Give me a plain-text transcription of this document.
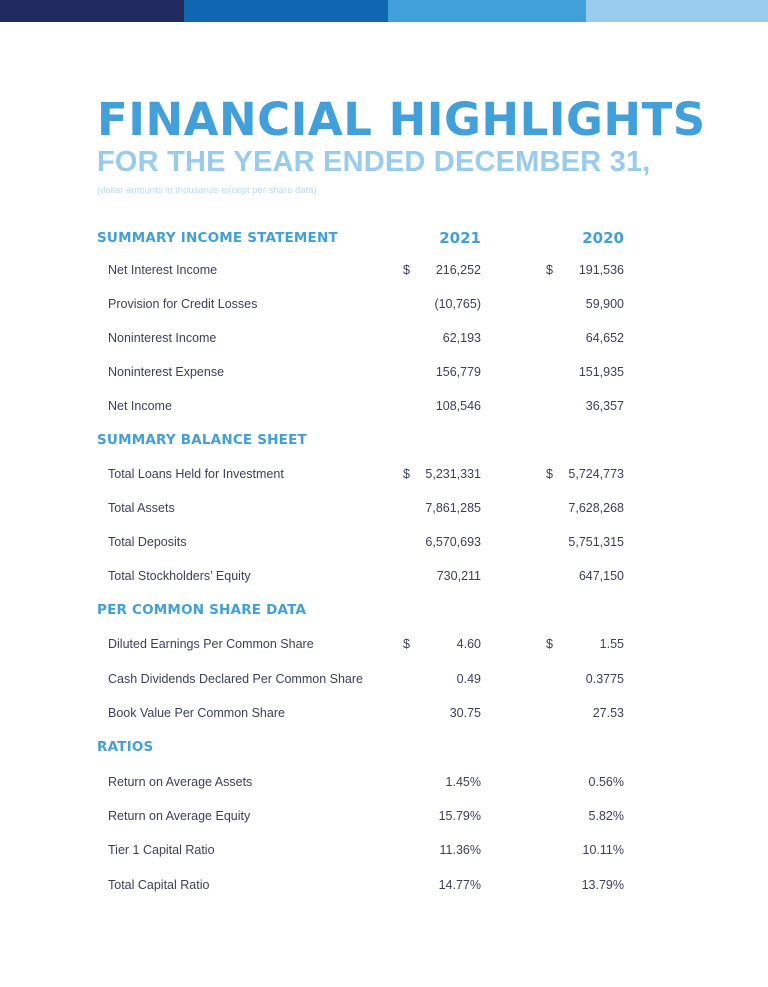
FINANCIAL HIGHLIGHTS
FOR THE YEAR ENDED DECEMBER 31,
(dollar amounts in thousands except per share data)
SUMMARY INCOME STATEMENT	2021	2020
Net Interest Income	$	216,252	$	191,536
Provision for Credit Losses	(10,765)	59,900
Noninterest Income	62,193	64,652
Noninterest Expense	156,779	151,935
Net Income	108,546	36,357
SUMMARY BALANCE SHEET
Total Loans Held for Investment	$	5,231,331	$	5,724,773
Total Assets	7,861,285	7,628,268
Total Deposits	6,570,693	5,751,315
Total Stockholders’ Equity	730,211	647,150
PER COMMON SHARE DATA
Diluted Earnings Per Common Share	$	4.60	$	1.55
Cash Dividends Declared Per Common Share	0.49	0.3775
Book Value Per Common Share	30.75	27.53
RATIOS
Return on Average Assets	1.45%	0.56%
Return on Average Equity	15.79%	5.82%
Tier 1 Capital Ratio	11.36%	10.11%
Total Capital Ratio	14.77%	13.79%
